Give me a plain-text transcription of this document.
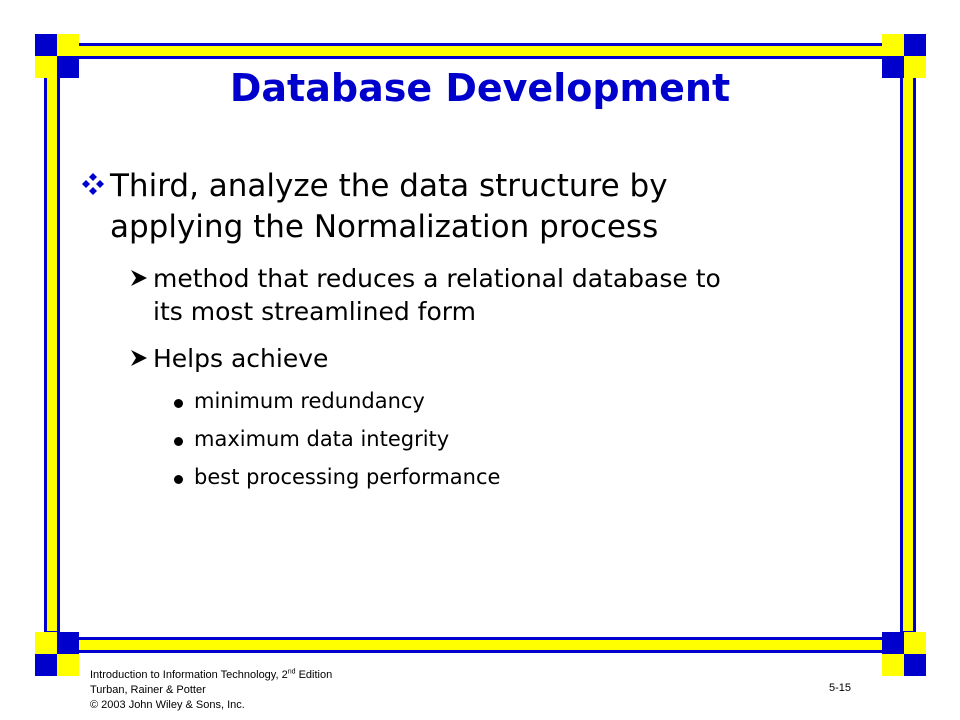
Database Development
Third, analyze the data structure by
applying the Normalization process
method that reduces a relational database to
its most streamlined form
Helps achieve
minimum redundancy
maximum data integrity
best processing performance
Introduction to Information Technology, 2nd Edition
Turban, Rainer & Potter
© 2003 John Wiley & Sons, Inc.
5-15
